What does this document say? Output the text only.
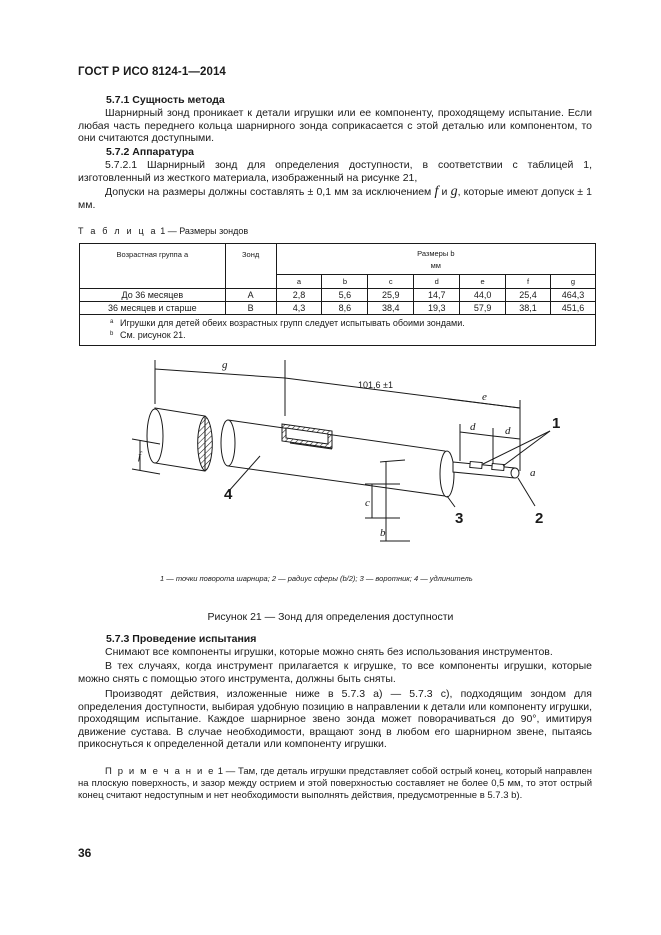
ГОСТ Р ИСО 8124-1—2014
5.7.1 Сущность метода
Шарнирный зонд проникает к детали игрушки или ее компоненту, проходящему испытание. Если любая часть переднего кольца шарнирного зонда соприкасается с этой деталью или компонентом, то они считаются доступными.
5.7.2 Аппаратура
5.7.2.1 Шарнирный зонд для определения доступности, в соответствии с таблицей 1, изготовленный из жесткого материала, изображенный на рисунке 21,
Допуски на размеры должны составлять ± 0,1 мм за исключением f и g, которые имеют допуск ± 1 мм.
Т а б л и ц а 1 — Размеры зондов
Возрастная группа a	Зонд	Размеры b
мм						

		a	b	c	d	e	f	g
До 36 месяцев	A	2,8	5,6	25,9	14,7	44,0	25,4	464,3
36 месяцев и старше	B	4,3	8,6	38,4	19,3	57,9	38,1	451,6

a Игрушки для детей обеих возрастных групп следует испытывать обоими зондами.
b См. рисунок 21.								
g
101,6 ±1
e
d	d
f
c
b
a
1
2
3
4
1 — точки поворота шарнира; 2 — радиус сферы (b/2); 3 — воротник; 4 — удлинитель
Рисунок 21 — Зонд для определения доступности
5.7.3 Проведение испытания
Снимают все компоненты игрушки, которые можно снять без использования инструментов.
В тех случаях, когда инструмент прилагается к игрушке, то все компоненты игрушки, которые можно снять с помощью этого инструмента, должны быть сняты.
Производят действия, изложенные ниже в 5.7.3 a) — 5.7.3 c), подходящим зондом для определения доступности, выбирая удобную позицию в направлении к детали или компоненту игрушки, проходящим испытание. Каждое шарнирное звено зонда может поворачиваться до 90°, имитируя движение сустава. В случае необходимости, вращают зонд в любом его шарнирном звене, пытаясь прикоснуться к определенной детали или компоненту игрушки.
П р и м е ч а н и е 1 — Там, где деталь игрушки представляет собой острый конец, который направлен на плоскую поверхность, и зазор между острием и этой поверхностью составляет не более 0,5 мм, то этот острый конец считают недоступным и нет необходимости выполнять действия, предусмотренные в 5.7.3 b).
36
